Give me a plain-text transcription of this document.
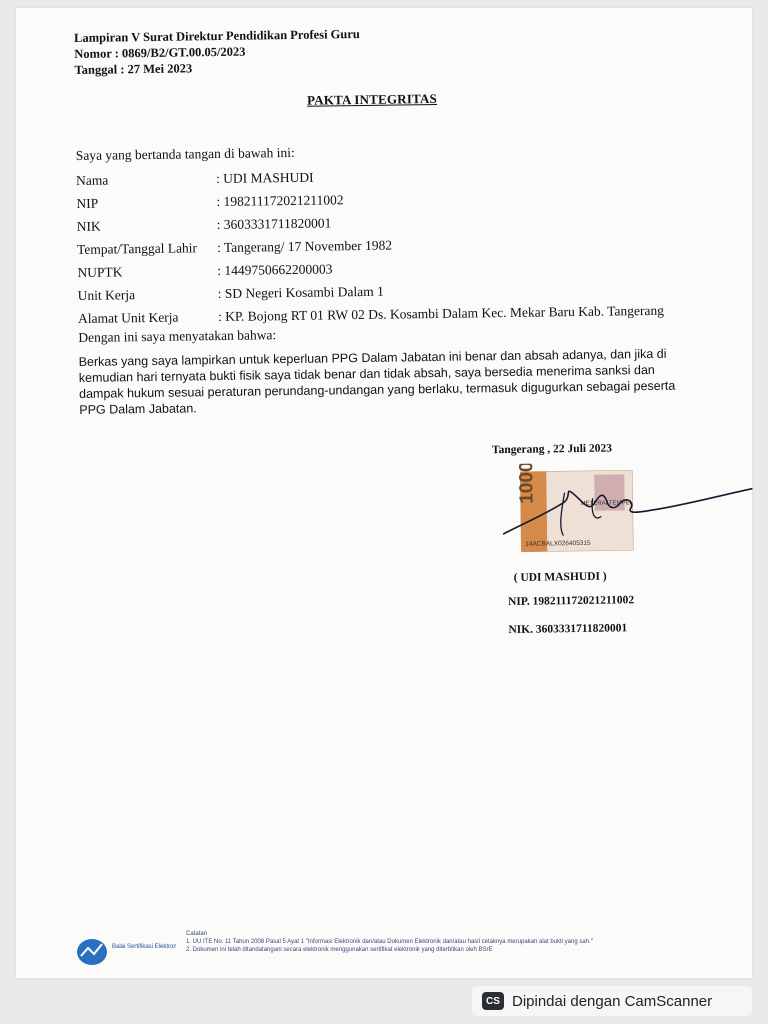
Lampiran V Surat Direktur Pendidikan Profesi Guru

Nomor : 0869/B2/GT.00.05/2023

Tanggal : 27 Mei 2023

PAKTA INTEGRITAS
Saya yang bertanda tangan di bawah ini:
Nama	: UDI MASHUDI
NIP	: 198211172021211002
NIK	: 3603331711820001
Tempat/Tanggal Lahir : Tangerang/ 17 November 1982
NUPTK	: 1449750662200003
Unit Kerja	: SD Negeri Kosambi Dalam 1
Alamat Unit Kerja	: KP. Bojong RT 01 RW 02 Ds. Kosambi Dalam Kec. Mekar Baru Kab. Tangerang
Dengan ini saya menyatakan bahwa:
Berkas yang saya lampirkan untuk keperluan PPG Dalam Jabatan ini benar dan absah adanya, dan jika di kemudian hari ternyata bukti fisik saya tidak benar dan tidak absah, saya bersedia menerima sanksi dan dampak hukum sesuai peraturan perundang-undangan yang berlaku, termasuk digugurkan sebagai peserta PPG Dalam Jabatan.
Tangerang , 22 Juli 2023
10000	METERAI TEMPEL
14ACBALX026405315
( UDI MASHUDI )
NIP. 198211172021211002
NIK. 3603331711820001
Balai Sertifikasi Elektronik
Catatan
1. UU ITE No. 11 Tahun 2008 Pasal 5 Ayat 1 "Informasi Elektronik dan/atau Dokumen Elektronik dan/atau hasil cetaknya merupakan alat bukti yang sah."
2. Dokumen ini telah ditandatangani secara elektronik menggunakan sertifikat elektronik yang diterbitkan oleh BSrE
CS Dipindai dengan CamScanner
